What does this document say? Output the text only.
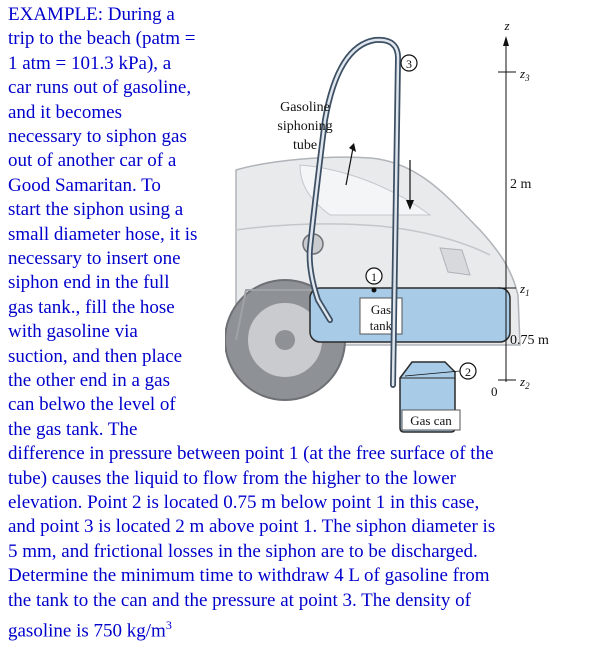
EXAMPLE: During a
trip to the beach (patm =
1 atm = 101.3 kPa), a
car runs out of gasoline,
and it becomes
necessary to siphon gas
out of another car of a
Good Samaritan. To
start the siphon using a
small diameter hose, it is
necessary to insert one
siphon end in the full
gas tank., fill the hose
with gasoline via
suction, and then place
the other end in a gas
can belwo the level of
the gas tank. The
difference in pressure between point 1 (at the free surface of the
tube) causes the liquid to flow from the higher to the lower
elevation. Point 2 is located 0.75 m below point 1 in this case,
and point 3 is located 2 m above point 1. The siphon diameter is
5 mm, and frictional losses in the siphon are to be discharged.
Determine the minimum time to withdraw 4 L of gasoline from
the tank to the can and the pressure at point 3. The density of
gasoline is 750 $kg/m^3$
Gas
tank
Gas can
Gasoline
siphoning
tube
3
1
2
z
$z_3$
$z_1$
$z_2$
0
2 m
0.75 m
